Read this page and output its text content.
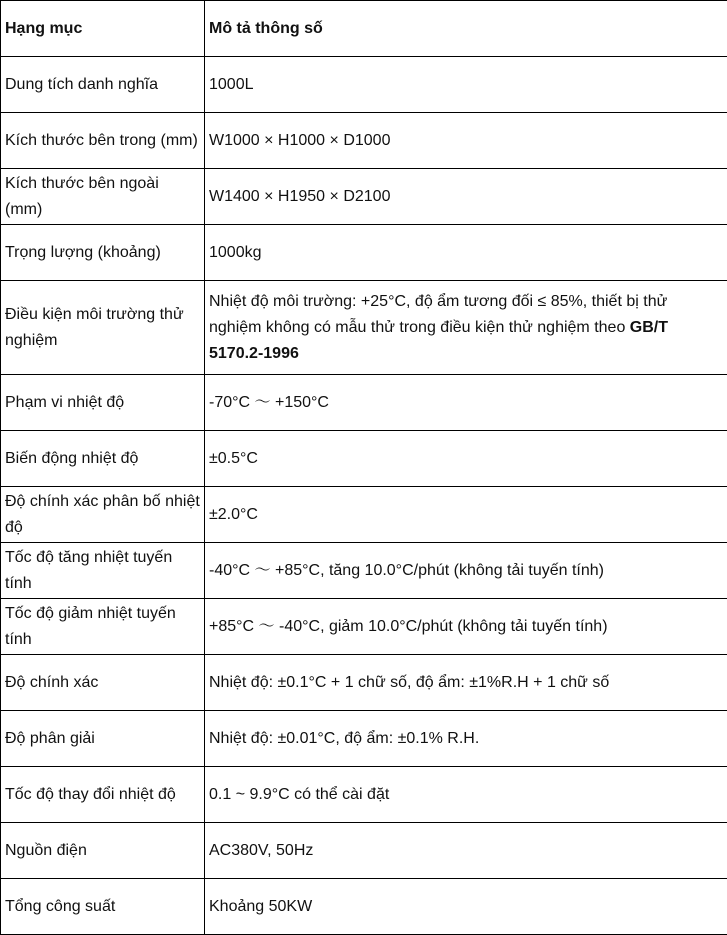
Hạng mục	Mô tả thông số
Dung tích danh nghĩa	1000L
Kích thước bên trong (mm)	W1000 × H1000 × D1000
Kích thước bên ngoài (mm)	W1400 × H1950 × D2100
Trọng lượng (khoảng)	1000kg
Điều kiện môi trường thử nghiệm	Nhiệt độ môi trường: +25°C, độ ẩm tương đối ≤ 85%, thiết bị thử nghiệm không có mẫu thử trong điều kiện thử nghiệm theo GB/T 5170.2-1996
Phạm vi nhiệt độ	-70°C ～ +150°C
Biến động nhiệt độ	±0.5°C
Độ chính xác phân bố nhiệt độ	±2.0°C
Tốc độ tăng nhiệt tuyến tính	-40°C ～ +85°C, tăng 10.0°C/phút (không tải tuyến tính)
Tốc độ giảm nhiệt tuyến tính	+85°C ～ -40°C, giảm 10.0°C/phút (không tải tuyến tính)
Độ chính xác	Nhiệt độ: ±0.1°C + 1 chữ số, độ ẩm: ±1%R.H + 1 chữ số
Độ phân giải	Nhiệt độ: ±0.01°C, độ ẩm: ±0.1% R.H.
Tốc độ thay đổi nhiệt độ	0.1 ~ 9.9°C có thể cài đặt
Nguồn điện	AC380V, 50Hz
Tổng công suất	Khoảng 50KW
